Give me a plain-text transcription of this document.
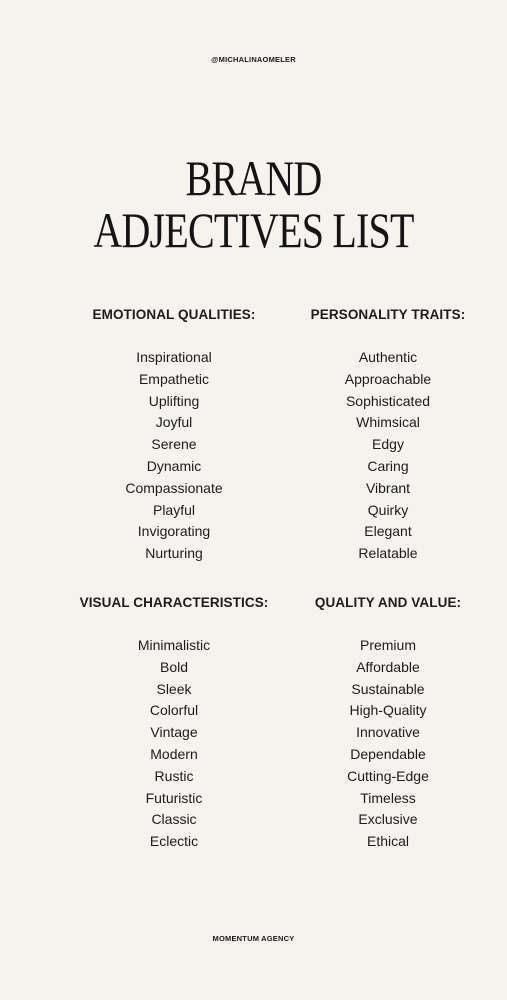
@MICHALINAOMELER

BRAND
ADJECTIVES LIST
EMOTIONAL QUALITIES:
Inspirational
Empathetic
Uplifting
Joyful
Serene
Dynamic
Compassionate
Playful
Invigorating
Nurturing
PERSONALITY TRAITS:
Authentic
Approachable
Sophisticated
Whimsical
Edgy
Caring
Vibrant
Quirky
Elegant
Relatable
VISUAL CHARACTERISTICS:
Minimalistic
Bold
Sleek
Colorful
Vintage
Modern
Rustic
Futuristic
Classic
Eclectic
QUALITY AND VALUE:
Premium
Affordable
Sustainable
High-Quality
Innovative
Dependable
Cutting-Edge
Timeless
Exclusive
Ethical

MOMENTUM AGENCY
